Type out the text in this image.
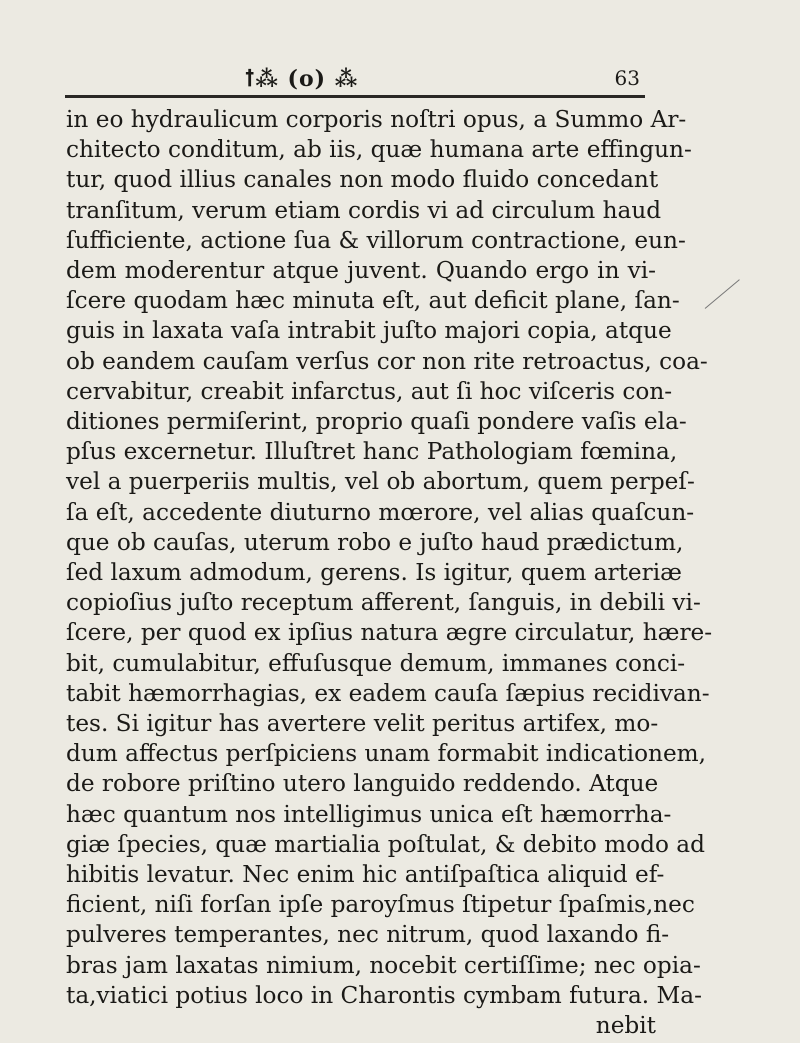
ꝉ⁂ (o) ⁂	63
in eo hydraulicum corporis noſtri opus, a Summo Ar-
chitecto conditum, ab iis, quæ humana arte effingun-
tur, quod illius canales non modo fluido concedant
tranſitum, verum etiam cordis vi ad circulum haud
ſufficiente, actione ſua & villorum contractione, eun-
dem moderentur atque juvent. Quando ergo in vi-
ſcere quodam hæc minuta eſt, aut deficit plane, ſan-
guis in laxata vaſa intrabit juſto majori copia, atque
ob eandem cauſam verſus cor non rite retroactus, coa-
cervabitur, creabit infarctus, aut ſi hoc viſceris con-
ditiones permiſerint, proprio quaſi pondere vaſis ela-
pſus excernetur. Illuſtret hanc Pathologiam fœmina,
vel a puerperiis multis, vel ob abortum, quem perpeſ-
ſa eſt, accedente diuturno mœrore, vel alias quaſcun-
que ob cauſas, uterum robo e juſto haud prædictum,
ſed laxum admodum, gerens. Is igitur, quem arteriæ
copioſius juſto receptum afferent, ſanguis, in debili vi-
ſcere, per quod ex ipſius natura ægre circulatur, hære-
bit, cumulabitur, effuſusque demum, immanes conci-
tabit hæmorrhagias, ex eadem cauſa ſæpius recidivan-
tes. Si igitur has avertere velit peritus artifex, mo-
dum affectus perſpiciens unam formabit indicationem,
de robore priſtino utero languido reddendo. Atque
hæc quantum nos intelligimus unica eſt hæmorrha-
giæ ſpecies, quæ martialia poſtulat, & debito modo ad
hibitis levatur. Nec enim hic antiſpaſtica aliquid ef-
ficient, niſi forſan ipſe paroyſmus ſtipetur ſpaſmis,nec
pulveres temperantes, nec nitrum, quod laxando fi-
bras jam laxatas nimium, nocebit certiſſime; nec opia-
ta,viatici potius loco in Charontis cymbam futura. Ma-
nebit
